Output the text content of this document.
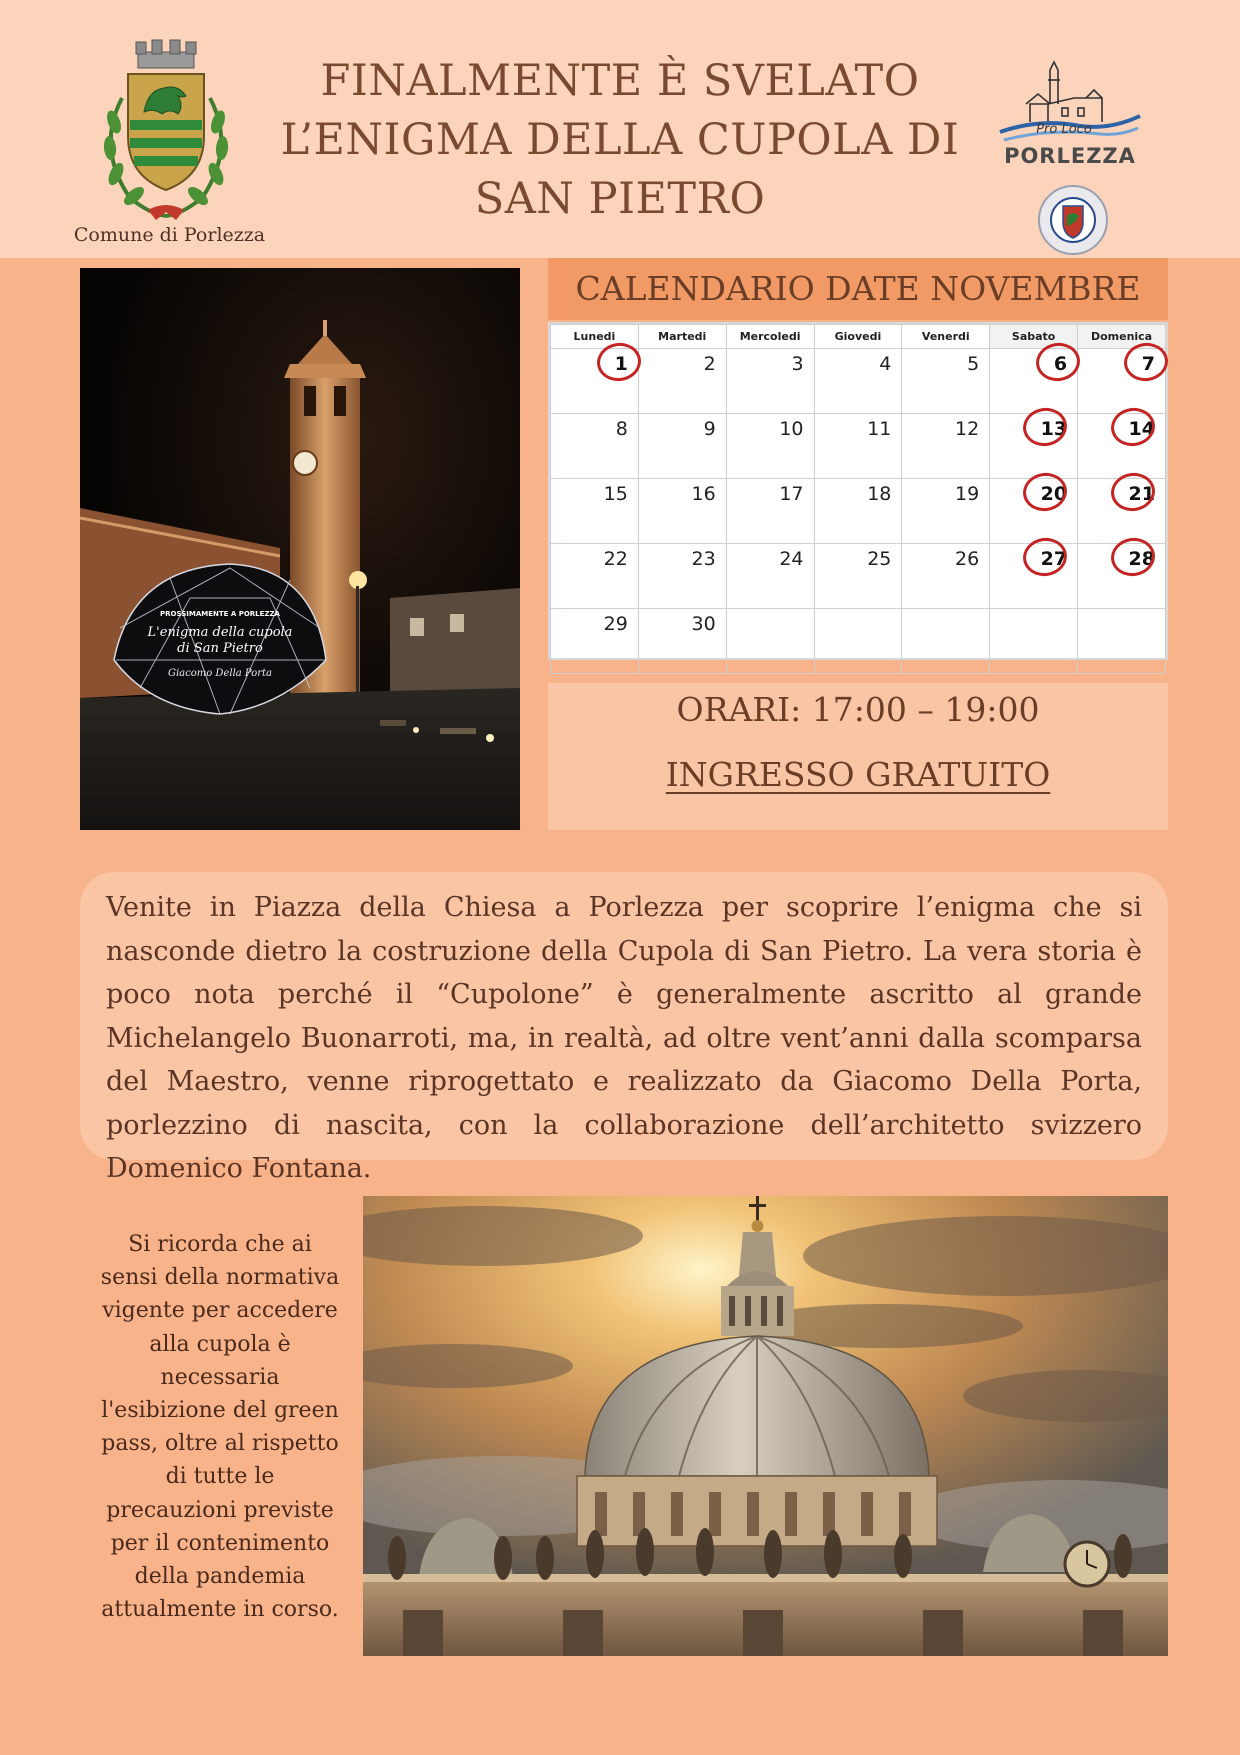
Comune di Porlezza
FINALMENTE È SVELATO
L’ENIGMA DELLA CUPOLA DI
SAN PIETRO
Pro Loco
PORLEZZA
PROSSIMAMENTE A PORLEZZA
L'enigma della cupola
di San Pietro
Giacomo Della Porta
CALENDARIO DATE NOVEMBRE
Lunedi	Martedi	Mercoledi	Giovedi	Venerdi	Sabato	Domenica
1	2	3	4	5	6	7
8	9	10	11	12	13	14
15	16	17	18	19	20	21
22	23	24	25	26	27	28
29	30					
ORARI: 17:00 – 19:00
INGRESSO GRATUITO
Venite in Piazza della Chiesa a Porlezza per scoprire l’enigma che si nasconde dietro la costruzione della Cupola di San Pietro. La vera storia è poco nota perché il “Cupolone” è generalmente ascritto al grande Michelangelo Buonarroti, ma, in realtà, ad oltre vent’anni dalla scomparsa del Maestro, venne riprogettato e realizzato da Giacomo Della Porta, porlezzino di nascita, con la collaborazione dell’architetto svizzero Domenico Fontana.
Si ricorda che ai sensi della normativa vigente per accedere alla cupola è necessaria l'esibizione del green pass, oltre al rispetto di tutte le precauzioni previste per il contenimento della pandemia attualmente in corso.
